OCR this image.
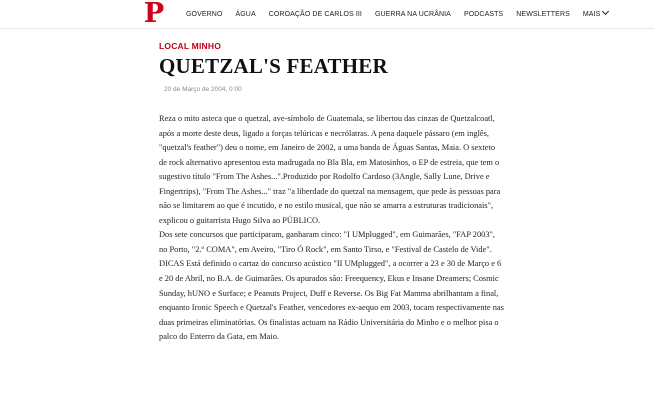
P	GOVERNO ÁGUA COROAÇÃO DE CARLOS III GUERRA NA UCRÂNIA PODCASTS NEWSLETTERS MAIS
LOCAL MINHO
QUETZAL'S FEATHER
20 de Março de 2004, 0:00

Reza o mito asteca que o quetzal, ave-símbolo de Guatemala, se libertou das cinzas de Quetzalcoatl, após a morte deste deus, ligado a forças telúricas e necrólatras. A pena daquele pássaro (em inglês, "quetzal's feather") deu o nome, em Janeiro de 2002, a uma banda de Águas Santas, Maia. O sexteto de rock alternativo apresentou esta madrugada no Bla Bla, em Matosinhos, o EP de estreia, que tem o sugestivo título "From The Ashes...".Produzido por Rodolfo Cardoso (3Angle, Sally Lune, Drive e Fingertrips), "From The Ashes..." traz "a liberdade do quetzal na mensagem, que pede às pessoas para não se limitarem ao que é incutido, e no estilo musical, que não se amarra a estruturas tradicionais", explicou o guitarrista Hugo Silva ao PÚBLICO.

Dos sete concursos que participaram, ganharam cinco: "I UMplugged", em Guimarães, "FAP 2003", no Porto, "2.º COMA", em Aveiro, "Tiro Ó Rock", em Santo Tirso, e "Festival de Castelo de Vide". DICAS Está definido o cartaz do concurso acústico "II UMplugged", a ocorrer a 23 e 30 de Março e 6 e 20 de Abril, no B.A. de Guimarães. Os apurados são: Freequency, Ekus e Insane Dreamers; Cosmic Sunday, hUNO e Surface; e Peanuts Project, Duff e Reverse. Os Big Fat Mamma abrilhantam a final, enquanto Ironic Speech e Quetzal's Feather, vencedores ex-aequo em 2003, tocam respectivamente nas duas primeiras eliminatórias. Os finalistas actuam na Rádio Universitária do Minho e o melhor pisa o palco do Enterro da Gata, em Maio.
